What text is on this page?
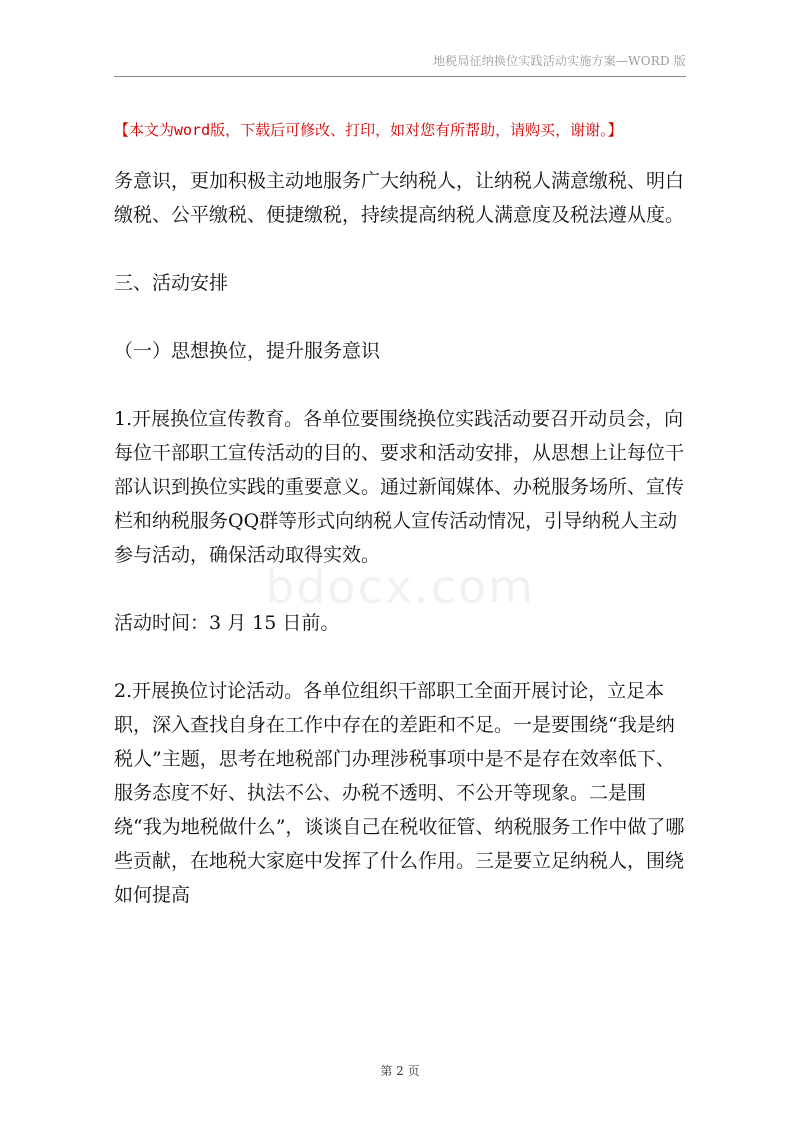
地税局征纳换位实践活动实施方案—WORD 版
【本文为word版，下载后可修改、打印，如对您有所帮助，请购买，谢谢。】
bdocx.com

务意识，更加积极主动地服务广大纳税人，让纳税人满意缴税、明白缴税、公平缴税、便捷缴税，持续提高纳税人满意度及税法遵从度。

三、活动安排

（一）思想换位，提升服务意识

1.开展换位宣传教育。各单位要围绕换位实践活动要召开动员会，向每位干部职工宣传活动的目的、要求和活动安排，从思想上让每位干部认识到换位实践的重要意义。通过新闻媒体、办税服务场所、宣传栏和纳税服务QQ群等形式向纳税人宣传活动情况，引导纳税人主动参与活动，确保活动取得实效。

活动时间：3 月 15 日前。

2.开展换位讨论活动。各单位组织干部职工全面开展讨论，立足本职，深入查找自身在工作中存在的差距和不足。一是要围绕“我是纳税人”主题，思考在地税部门办理涉税事项中是不是存在效率低下、服务态度不好、执法不公、办税不透明、不公开等现象。二是围绕“我为地税做什么”，谈谈自己在税收征管、纳税服务工作中做了哪些贡献，在地税大家庭中发挥了什么作用。三是要立足纳税人，围绕如何提高

第 2 页
